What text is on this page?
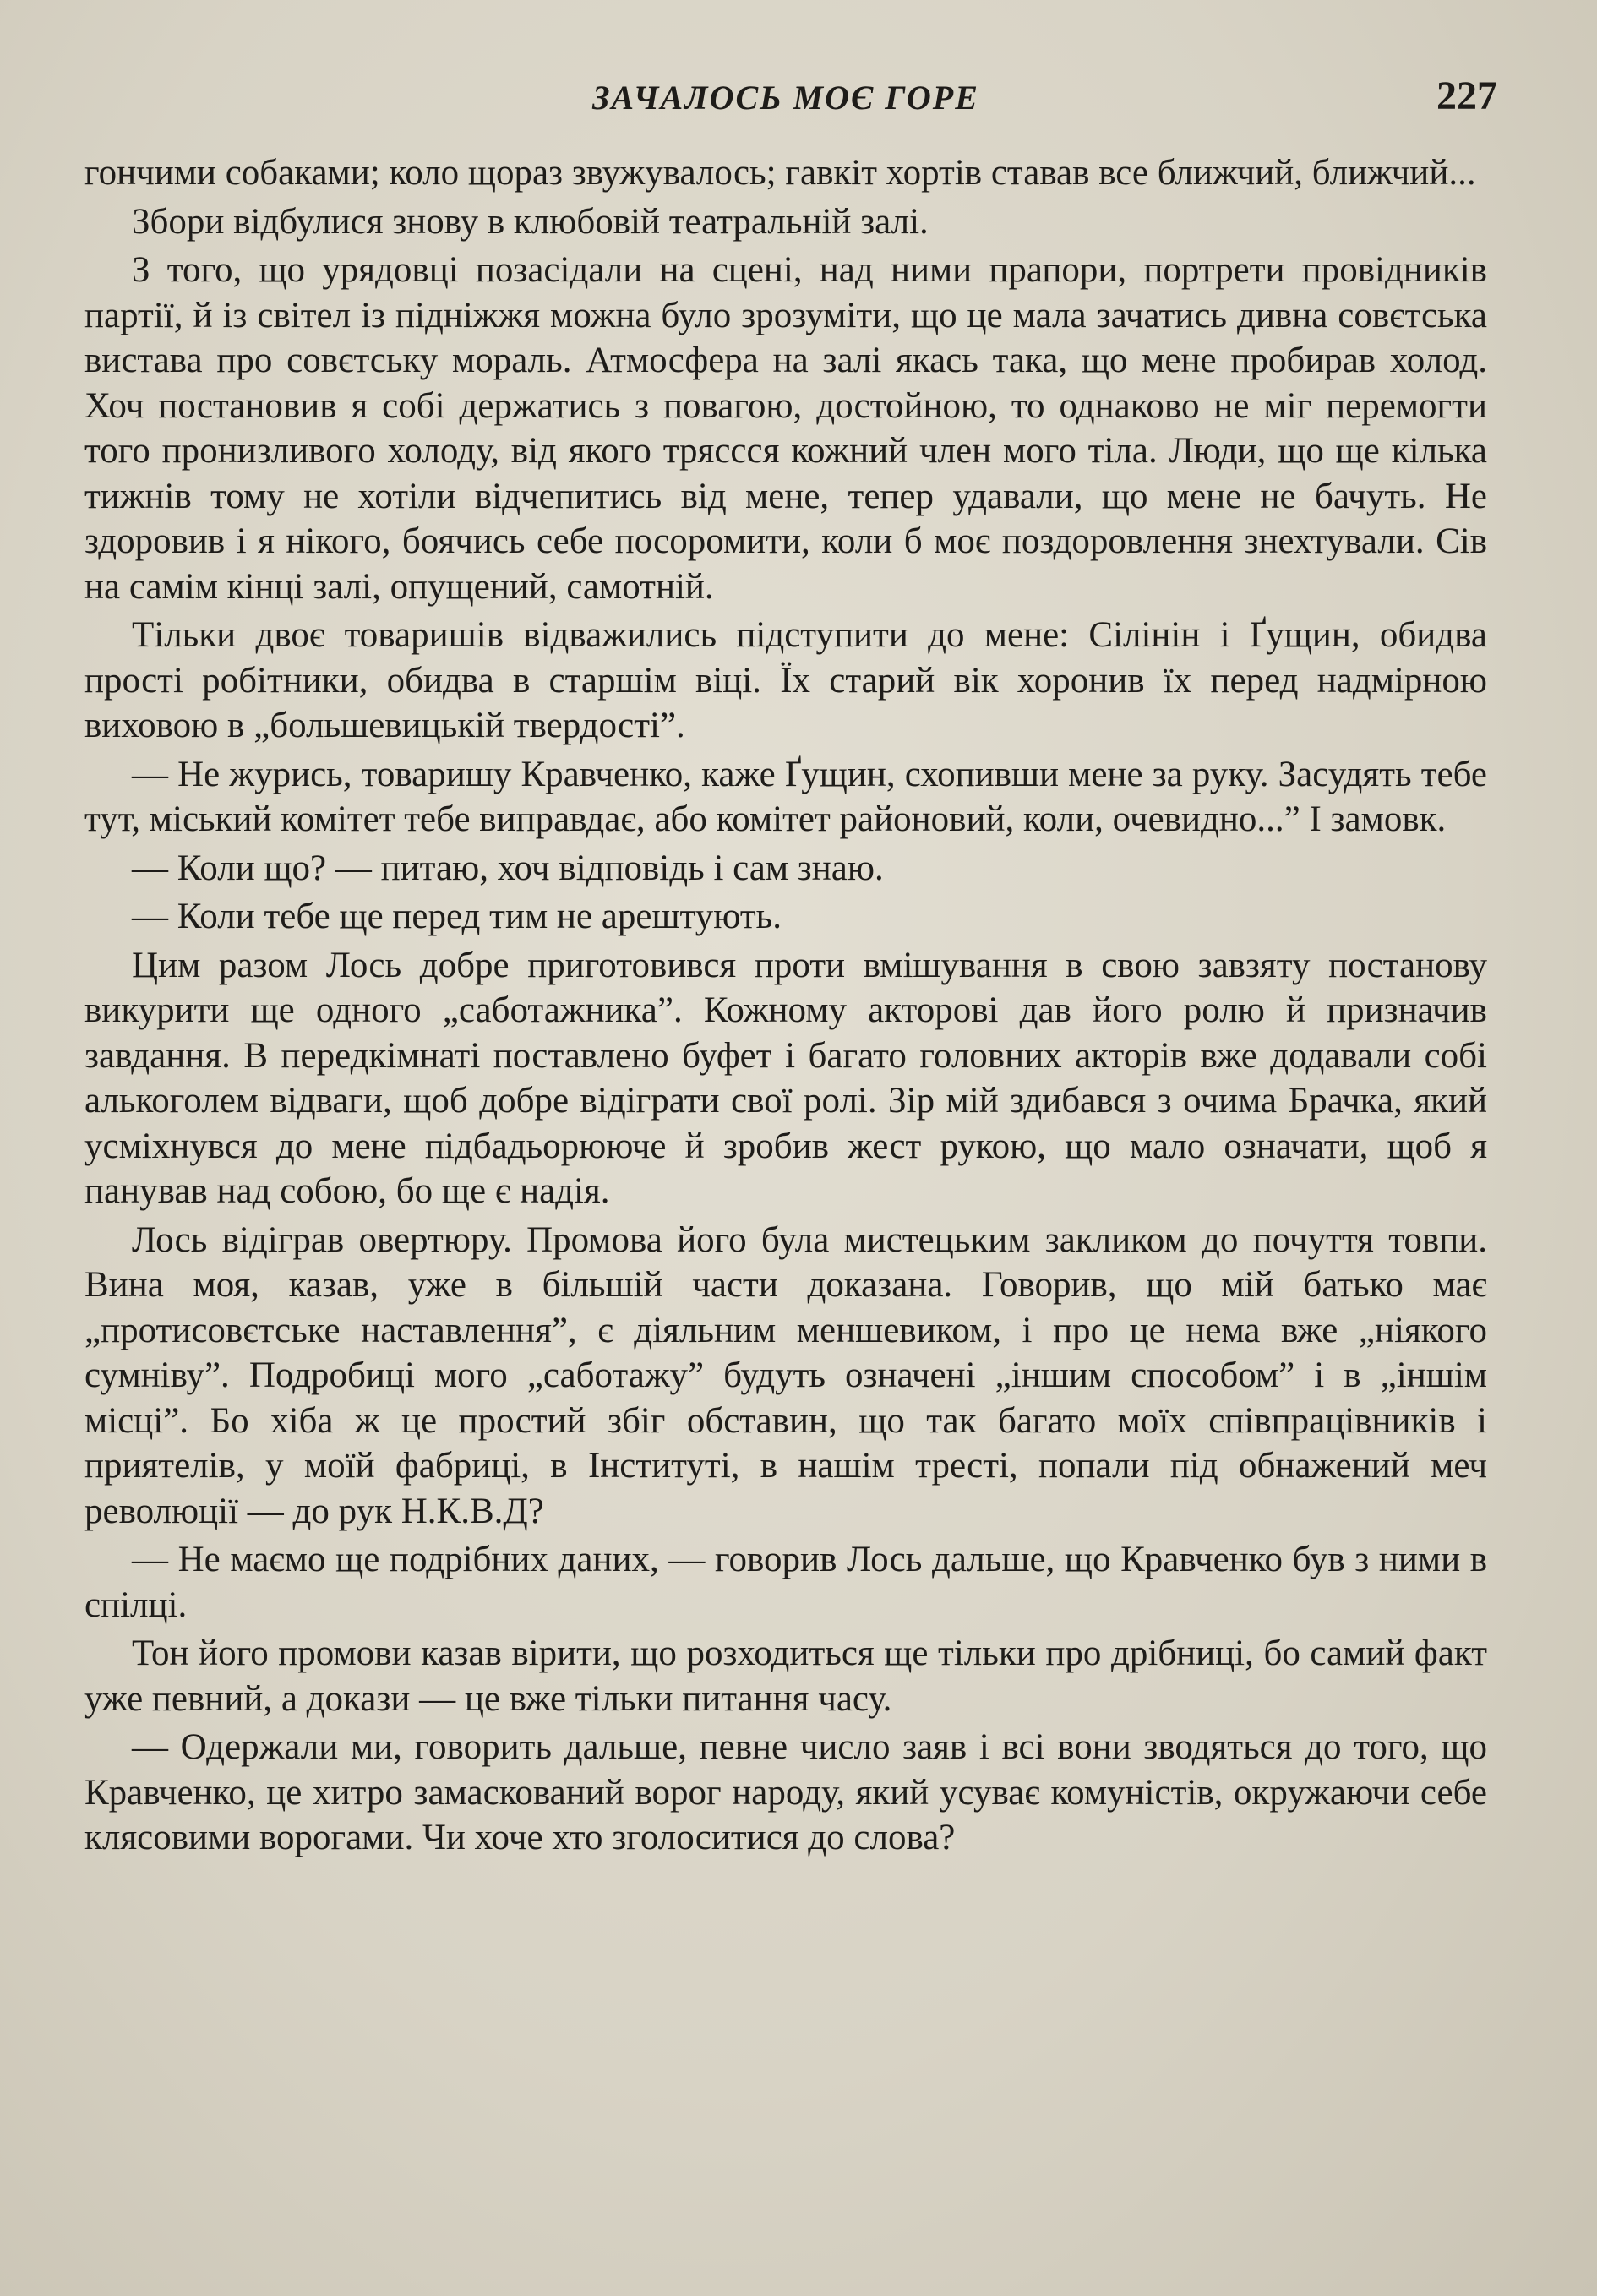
ЗАЧАЛОСЬ МОЄ ГОРЕ	227

гончими собаками; коло щораз звужувалось; гавкіт хортів ставав все ближчий, ближчий...

Збори відбулися знову в клюбовій театральній залі.

З того, що урядовці позасідали на сцені, над ними прапори, портрети провідників партії, й із світел із підніжжя можна було зрозуміти, що це мала зачатись дивна совєтська вистава про совєтську мораль. Атмосфера на залі якась така, що мене пробирав холод. Хоч постановив я собі держатись з повагою, достойною, то однаково не міг перемогти того пронизливого холоду, від якого тряссся кожний член мого тіла. Люди, що ще кілька тижнів тому не хотіли відчепитись від мене, тепер удавали, що мене не бачуть. Не здоровив і я нікого, боячись себе посоромити, коли б моє поздоровлення знехтували. Сів на самім кінці залі, опущений, самотній.

Тільки двоє товаришів відважились підступити до мене: Сілінін і Ґущин, обидва прості робітники, обидва в старшім віці. Їх старий вік хоронив їх перед надмірною виховою в „большевицькій твердості”.

— Не журись, товаришу Кравченко, каже Ґущин, схопивши мене за руку. Засудять тебе тут, міський комітет тебе виправдає, або комітет районовий, коли, очевидно...” І замовк.

— Коли що? — питаю, хоч відповідь і сам знаю.

— Коли тебе ще перед тим не арештують.

Цим разом Лось добре приготовився проти вмішування в свою завзяту постанову викурити ще одного „саботажника”. Кожному акторові дав його ролю й призначив завдання. В передкімнаті поставлено буфет і багато головних акторів вже додавали собі алькоголем відваги, щоб добре відіграти свої ролі. Зір мій здибався з очима Брачка, який усміхнувся до мене підбадьорююче й зробив жест рукою, що мало означати, щоб я панував над собою, бо ще є надія.

Лось відіграв овертюру. Промова його була мистецьким закликом до почуття товпи. Вина моя, казав, уже в більшій части доказана. Говорив, що мій батько має „протисовєтське наставлення”, є діяльним меншевиком, і про це нема вже „ніякого сумніву”. Подробиці мого „саботажу” будуть означені „іншим способом” і в „іншім місці”. Бо хіба ж це простий збіг обставин, що так багато моїх співпрацівників і приятелів, у моїй фабриці, в Інституті, в нашім тресті, попали під обнажений меч революції — до рук Н.К.В.Д?

— Не маємо ще подрібних даних, — говорив Лось дальше, що Кравченко був з ними в спілці.

Тон його промови казав вірити, що розходиться ще тільки про дрібниці, бо самий факт уже певний, а докази — це вже тільки питання часу.

— Одержали ми, говорить дальше, певне число заяв і всі вони зводяться до того, що Кравченко, це хитро замаскований ворог народу, який усуває комуністів, окружаючи себе клясовими ворогами. Чи хоче хто зголоситися до слова?
